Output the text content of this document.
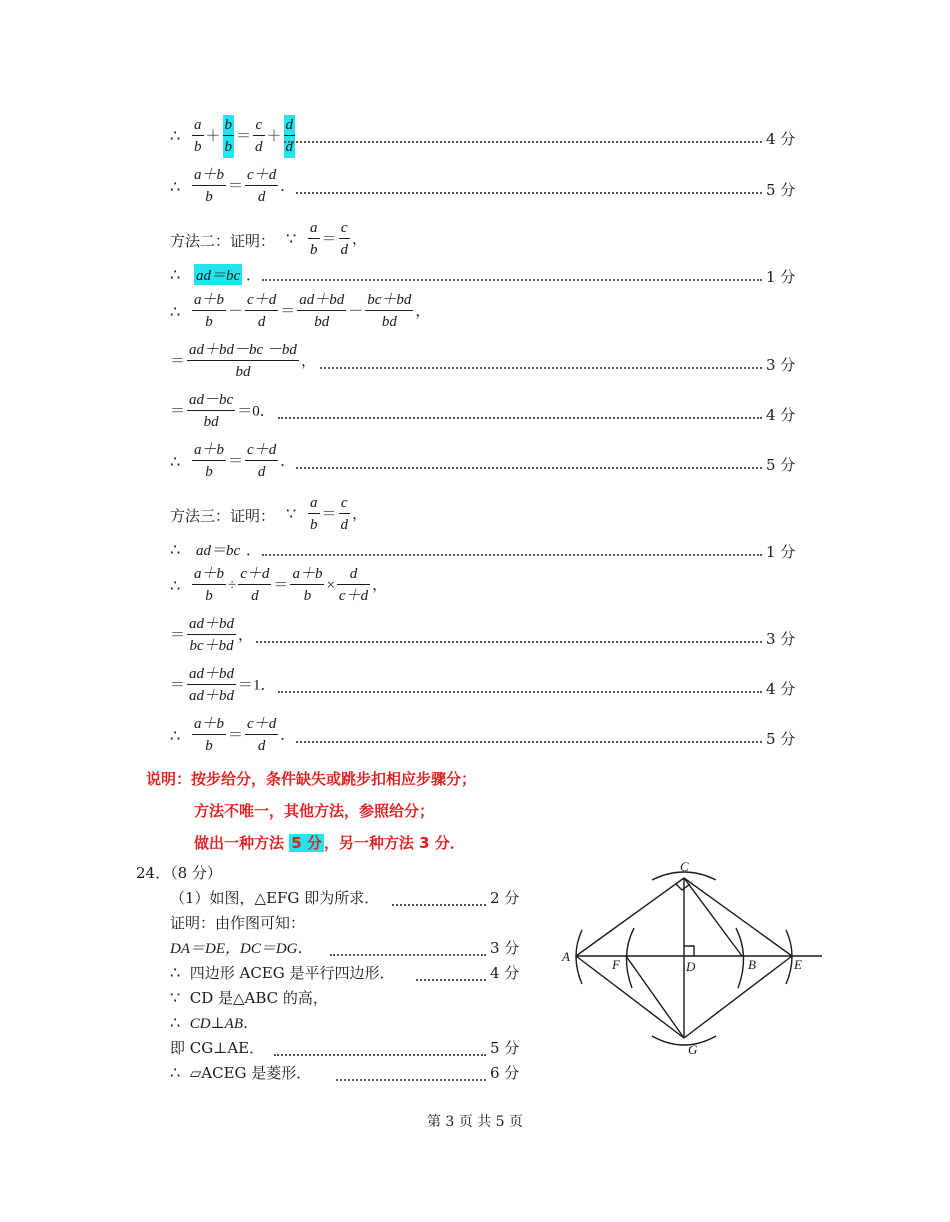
∴ $\frac{a}{b} + \frac{b}{b} = \frac{c}{d} + \frac{d}{d}$	4 分
∴ $\frac{a+b}{b} = \frac{c+d}{d}$ ．	5 分
方法二：证明： ∵ $\frac{a}{b} = \frac{c}{d}$ ，
∴ ad＝bc ．	1 分
∴ $\frac{a+b}{b} - \frac{c+d}{d} = \frac{ad+bd}{bd} - \frac{bc+bd}{bd}$ ，
＝ $\frac{ad+bd-bc -bd}{bd}$ ，	3 分
＝ $\frac{ad-bc}{bd} =0$．	4 分
∴ $\frac{a+b}{b} = \frac{c+d}{d}$ ．	5 分
方法三：证明： ∵ $\frac{a}{b} = \frac{c}{d}$ ，
∴ ad＝bc ．	1 分
∴ $\frac{a+b}{b} \div \frac{c+d}{d} = \frac{a+b}{b} \times \frac{d}{c+d}$ ，
＝ $\frac{ad+bd}{bc+bd}$ ，	3 分
＝ $\frac{ad+bd}{ad+bd} =1$．	4 分
∴ $\frac{a+b}{b} = \frac{c+d}{d}$ ．	5 分
说明：按步给分，条件缺失或跳步扣相应步骤分；
方法不唯一，其他方法，参照给分；
做出一种方法 5 分 ，另一种方法 3 分．
24．（8 分）
（1）如图，△EFG 即为所求．	2 分
证明：由作图可知：
DA＝DE，DC＝DG．	3 分
∴ 四边形 ACEG 是平行四边形．	4 分
∵ CD 是△ABC 的高，
∴ CD⊥AB．
即 CG⊥AE．	5 分
∴ ▱ACEG 是菱形．	6 分
C
A
F	D	B	E
G
第 3 页 共 5 页
